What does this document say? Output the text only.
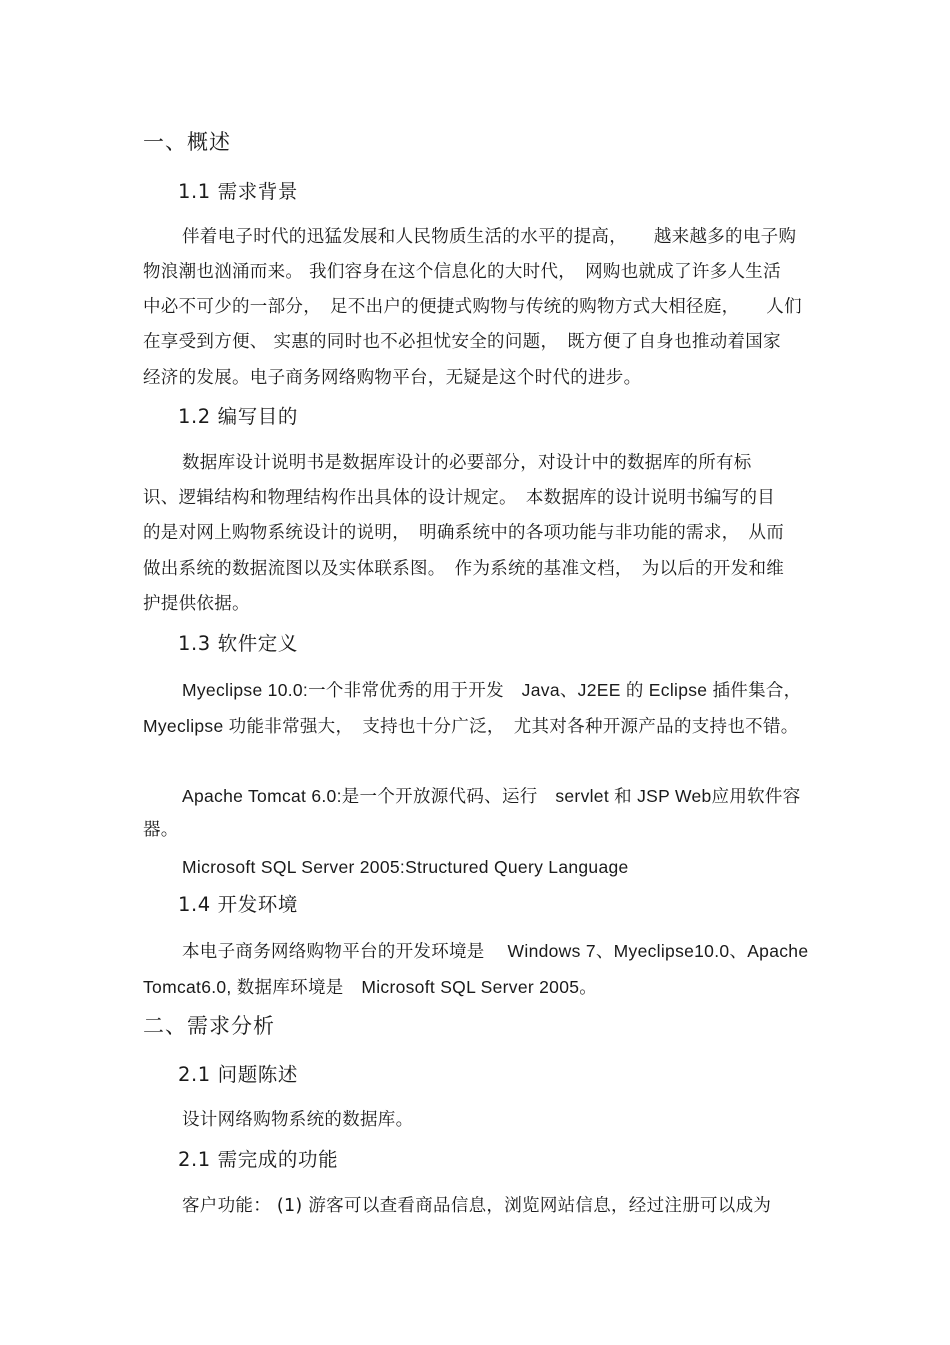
一、概述
1.1 需求背景
伴着电子时代的迅猛发展和人民物质生活的水平的提高，　　越来越多的电子购
物浪潮也汹涌而来。 我们容身在这个信息化的大时代，　网购也就成了许多人生活
中必不可少的一部分，　足不出户的便捷式购物与传统的购物方式大相径庭，　　人们
在享受到方便、 实惠的同时也不必担忧安全的问题，　既方便了自身也推动着国家
经济的发展。电子商务网络购物平台，无疑是这个时代的进步。
1.2 编写目的
数据库设计说明书是数据库设计的必要部分，对设计中的数据库的所有标
识、逻辑结构和物理结构作出具体的设计规定。　本数据库的设计说明书编写的目
的是对网上购物系统设计的说明，　明确系统中的各项功能与非功能的需求，　从而
做出系统的数据流图以及实体联系图。　作为系统的基准文档，　为以后的开发和维
护提供依据。
1.3 软件定义
Myeclipse 10.0:一个非常优秀的用于开发　Java、J2EE 的 Eclipse 插件集合，
Myeclipse 功能非常强大，　支持也十分广泛，　尤其对各种开源产品的支持也不错。
Apache Tomcat 6.0:是一个开放源代码、运行　servlet 和 JSP Web应用软件容
器。
Microsoft SQL Server 2005:Structured Query Language
1.4 开发环境
本电子商务网络购物平台的开发环境是　 Windows 7、Myeclipse10.0、Apache
Tomcat6.0, 数据库环境是　Microsoft SQL Server 2005。
二、需求分析
2.1 问题陈述
设计网络购物系统的数据库。
2.1 需完成的功能
客户功能： (1) 游客可以查看商品信息，浏览网站信息，经过注册可以成为
